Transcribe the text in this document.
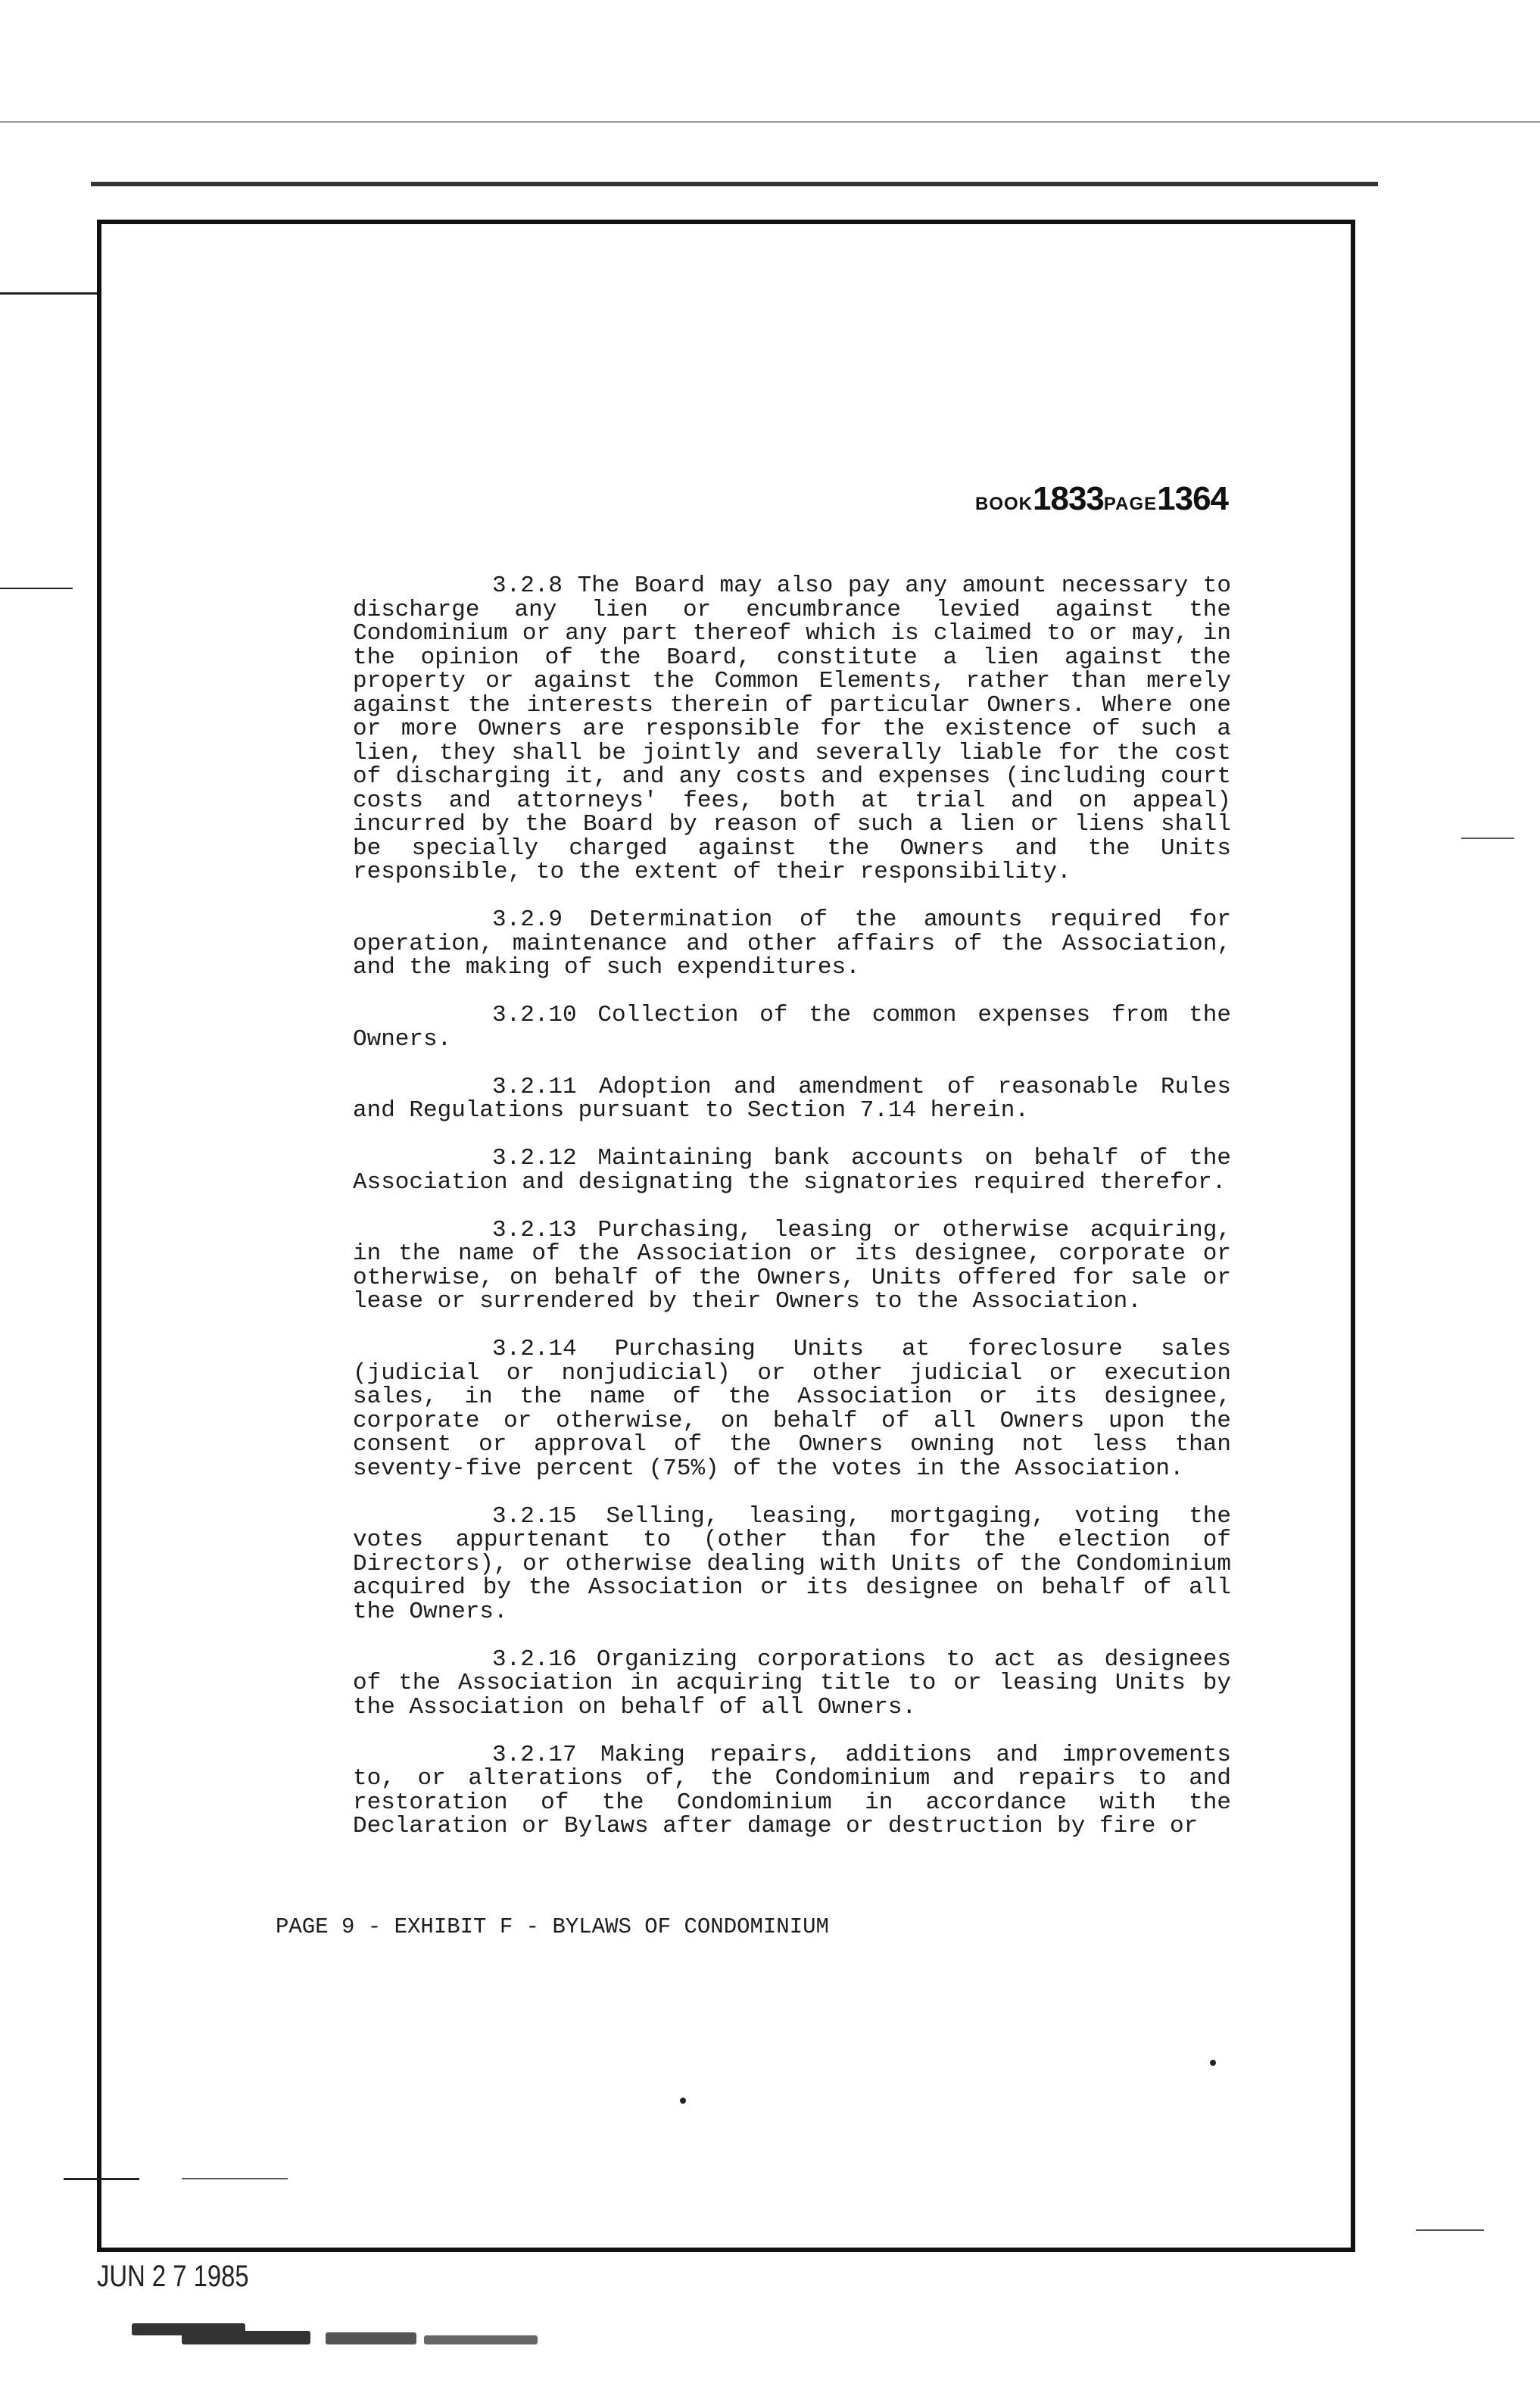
BOOK1833PAGE1364

3.2.8 The Board may also pay any amount necessary to discharge any lien or encumbrance levied against the Condominium or any part thereof which is claimed to or may, in the opinion of the Board, constitute a lien against the property or against the Common Elements, rather than merely against the interests therein of particular Owners. Where one or more Owners are responsible for the existence of such a lien, they shall be jointly and severally liable for the cost of discharging it, and any costs and expenses (including court costs and attorneys' fees, both at trial and on appeal) incurred by the Board by reason of such a lien or liens shall be specially charged against the Owners and the Units responsible, to the extent of their responsibility.

3.2.9 Determination of the amounts required for operation, maintenance and other affairs of the Association, and the making of such expenditures.

3.2.10 Collection of the common expenses from the Owners.

3.2.11 Adoption and amendment of reasonable Rules and Regulations pursuant to Section 7.14 herein.

3.2.12 Maintaining bank accounts on behalf of the Association and designating the signatories required therefor.

3.2.13 Purchasing, leasing or otherwise acquiring, in the name of the Association or its designee, corporate or otherwise, on behalf of the Owners, Units offered for sale or lease or surrendered by their Owners to the Association.

3.2.14 Purchasing Units at foreclosure sales (judicial or nonjudicial) or other judicial or execution sales, in the name of the Association or its designee, corporate or otherwise, on behalf of all Owners upon the consent or approval of the Owners owning not less than seventy-five percent (75%) of the votes in the Association.

3.2.15 Selling, leasing, mortgaging, voting the votes appurtenant to (other than for the election of Directors), or otherwise dealing with Units of the Condominium acquired by the Association or its designee on behalf of all the Owners.

3.2.16 Organizing corporations to act as designees of the Association in acquiring title to or leasing Units by the Association on behalf of all Owners.

3.2.17 Making repairs, additions and improvements to, or alterations of, the Condominium and repairs to and restoration of the Condominium in accordance with the Declaration or Bylaws after damage or destruction by fire or

PAGE 9 - EXHIBIT F - BYLAWS OF CONDOMINIUM
JUN 2 7 1985
